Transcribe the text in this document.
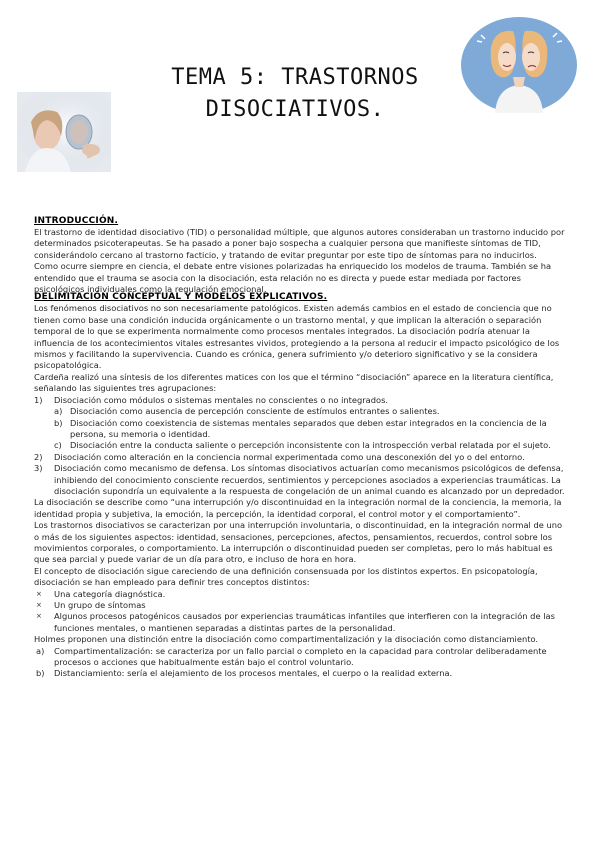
TEMA 5: TRASTORNOS
DISOCIATIVOS.
INTRODUCCIÓN.

El trastorno de identidad disociativo (TID) o personalidad múltiple, que algunos autores consideraban un trastorno inducido por determinados psicoterapeutas. Se ha pasado a poner bajo sospecha a cualquier persona que manifieste síntomas de TID, considerándolo cercano al trastorno facticio, y tratando de evitar preguntar por este tipo de síntomas para no inducirlos.

Como ocurre siempre en ciencia, el debate entre visiones polarizadas ha enriquecido los modelos de trauma. También se ha entendido que el trauma se asocia con la disociación, esta relación no es directa y puede estar mediada por factores psicológicos individuales como la regulación emocional.

DELIMITACIÓN CONCEPTUAL Y MODELOS EXPLICATIVOS.

Los fenómenos disociativos no son necesariamente patológicos. Existen además cambios en el estado de conciencia que no tienen como base una condición inducida orgánicamente o un trastorno mental, y que implican la alteración o separación temporal de lo que se experimenta normalmente como procesos mentales integrados. La disociación podría atenuar la influencia de los acontecimientos vitales estresantes vividos, protegiendo a la persona al reducir el impacto psicológico de los mismos y facilitando la supervivencia. Cuando es crónica, genera sufrimiento y/o deterioro significativo y se la considera psicopatológica.

Cardeña realizó una síntesis de los diferentes matices con los que el término “disociación” aparece en la literatura científica, señalando las siguientes tres agrupaciones:

1)	Disociación como módulos o sistemas mentales no conscientes o no integrados.
a) Disociación como ausencia de percepción consciente de estímulos entrantes o salientes.
b) Disociación como coexistencia de sistemas mentales separados que deben estar integrados en la conciencia de la persona, su memoria o identidad.
c) Disociación entre la conducta saliente o percepción inconsistente con la introspección verbal relatada por el sujeto.
2)	Disociación como alteración en la conciencia normal experimentada como una desconexión del yo o del entorno.
3)	Disociación como mecanismo de defensa. Los síntomas disociativos actuarían como mecanismos psicológicos de defensa, inhibiendo del conocimiento consciente recuerdos, sentimientos y percepciones asociados a experiencias traumáticas. La disociación supondría un equivalente a la respuesta de congelación de un animal cuando es alcanzado por un depredador.

La disociación se describe como “una interrupción y/o discontinuidad en la integración normal de la conciencia, la memoria, la identidad propia y subjetiva, la emoción, la percepción, la identidad corporal, el control motor y el comportamiento”.

Los trastornos disociativos se caracterizan por una interrupción involuntaria, o discontinuidad, en la integración normal de uno o más de los siguientes aspectos: identidad, sensaciones, percepciones, afectos, pensamientos, recuerdos, control sobre los movimientos corporales, o comportamiento. La interrupción o discontinuidad pueden ser completas, pero lo más habitual es que sea parcial y puede variar de un día para otro, e incluso de hora en hora.

El concepto de disociación sigue careciendo de una definición consensuada por los distintos expertos. En psicopatología, disociación se han empleado para definir tres conceptos distintos:

×	Una categoría diagnóstica.
×	Un grupo de síntomas
×	Algunos procesos patogénicos causados por experiencias traumáticas infantiles que interfieren con la integración de las funciones mentales, o mantienen separadas a distintas partes de la personalidad.

Holmes proponen una distinción entre la disociación como compartimentalización y la disociación como distanciamiento.

a)	Compartimentalización: se caracteriza por un fallo parcial o completo en la capacidad para controlar deliberadamente procesos o acciones que habitualmente están bajo el control voluntario.
b)	Distanciamiento: sería el alejamiento de los procesos mentales, el cuerpo o la realidad externa.
